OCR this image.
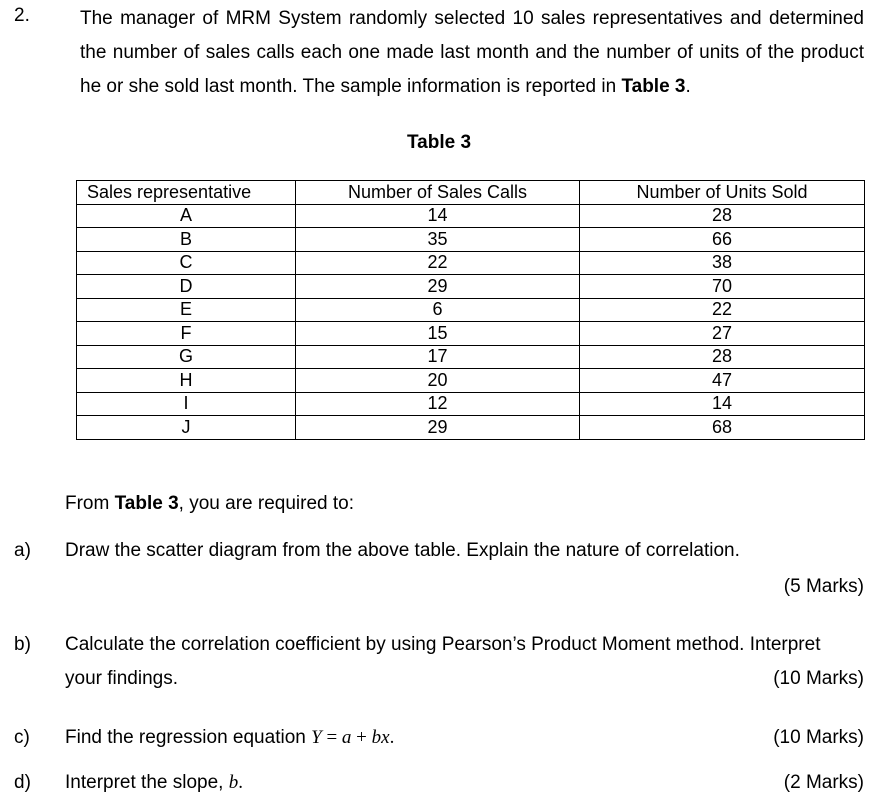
2.	The manager of MRM System randomly selected 10 sales representatives and determined the number of sales calls each one made last month and the number of units of the product he or she sold last month. The sample information is reported in Table 3.
Table 3
Sales representative	Number of Sales Calls	Number of Units Sold
A	14	28
B	35	66
C	22	38
D	29	70
E	6	22
F	15	27
G	17	28
H	20	47
I	12	14
J	29	68
From Table 3, you are required to:
a) Draw the scatter diagram from the above table. Explain the nature of correlation.
(5 Marks)
b) Calculate the correlation coefficient by using Pearson’s Product Moment method. Interpret
your findings.	(10 Marks)
c) Find the regression equation Y = a + bx.	(10 Marks)
d) Interpret the slope, b.	(2 Marks)
